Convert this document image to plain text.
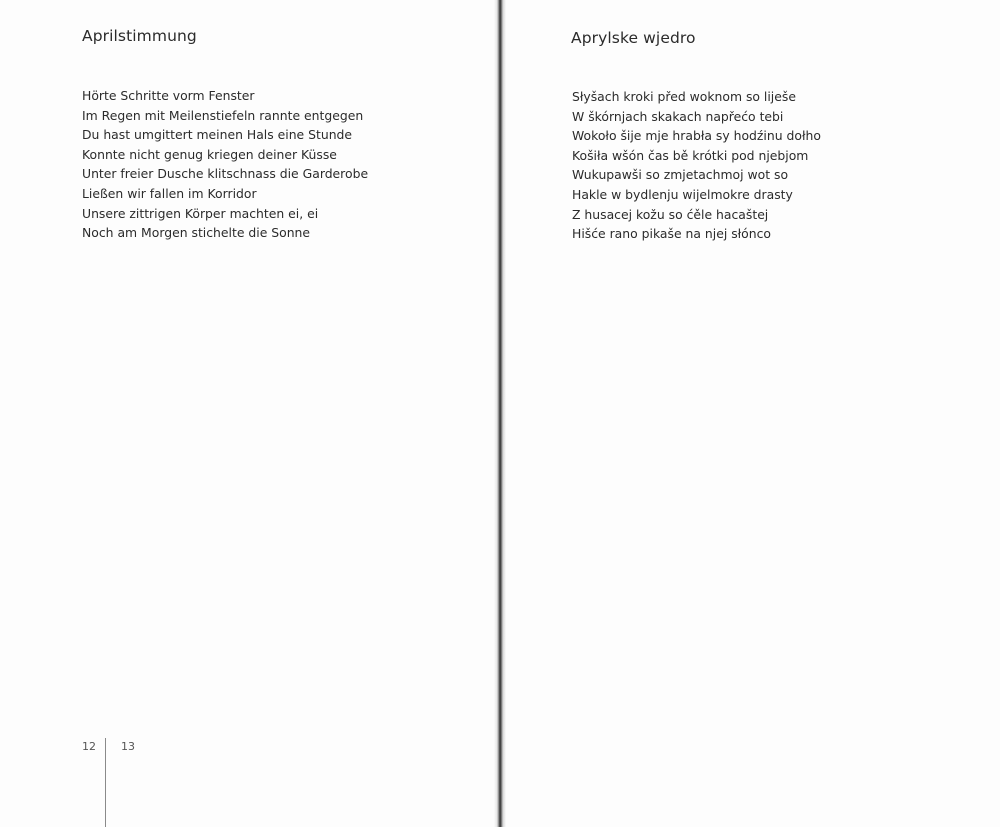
Aprilstimmung
Hörte Schritte vorm Fenster
Im Regen mit Meilenstiefeln rannte entgegen
Du hast umgittert meinen Hals eine Stunde
Konnte nicht genug kriegen deiner Küsse
Unter freier Dusche klitschnass die Garderobe
Ließen wir fallen im Korridor
Unsere zittrigen Körper machten ei, ei
Noch am Morgen stichelte die Sonne
12 13
Aprylske wjedro
Słyšach kroki před woknom so liješe
W škórnjach skakach napřećo tebi
Wokoło šije mje hrabła sy hodźinu dołho
Košiła wšón čas bě krótki pod njebjom
Wukupawši so zmjetachmoj wot so
Hakle w bydlenju wijelmokre drasty
Z husacej kožu so ćěle hacaštej
Hišće rano pikaše na njej słónco
